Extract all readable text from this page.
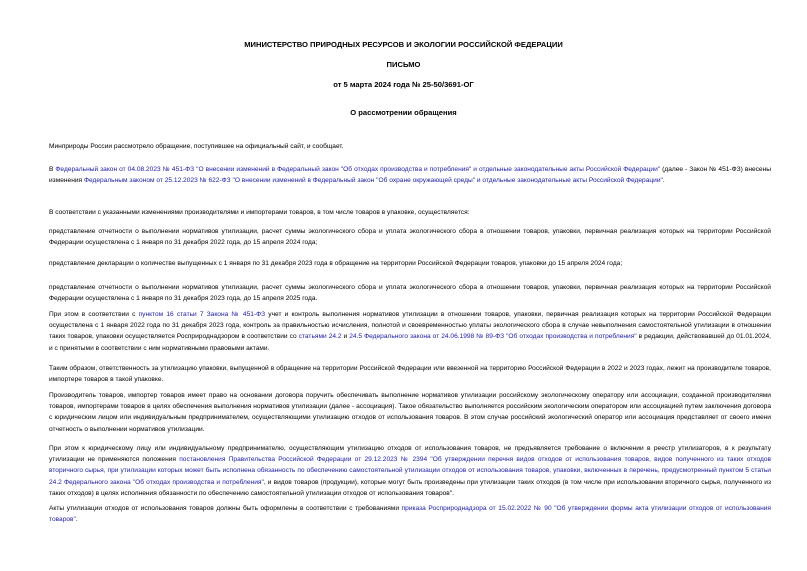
МИНИСТЕРСТВО ПРИРОДНЫХ РЕСУРСОВ И ЭКОЛОГИИ РОССИЙСКОЙ ФЕДЕРАЦИИ
ПИСЬМО
от 5 марта 2024 года № 25-50/3691-ОГ
О рассмотрении обращения

Минприроды России рассмотрело обращение, поступившее на официальный сайт, и сообщает.

В Федеральный закон от 04.08.2023 № 451-ФЗ "О внесении изменений в Федеральный закон "Об отходах производства и потребления" и отдельные законодательные акты Российской Федерации" (далее - Закон № 451-ФЗ) внесены изменения Федеральным законом от 25.12.2023 № 622-ФЗ "О внесении изменений в Федеральный закон "Об охране окружающей среды" и отдельные законодательные акты Российской Федерации".

В соответствии с указанными изменениями производителями и импортерами товаров, в том числе товаров в упаковке, осуществляется:

представление отчетности о выполнении нормативов утилизации, расчет суммы экологического сбора и уплата экологического сбора в отношении товаров, упаковки, первичная реализация которых на территории Российской Федерации осуществлена с 1 января по 31 декабря 2022 года, до 15 апреля 2024 года;

представление декларации о количестве выпущенных с 1 января по 31 декабря 2023 года в обращение на территории Российской Федерации товаров, упаковки до 15 апреля 2024 года;

представление отчетности о выполнении нормативов утилизации, расчет суммы экологического сбора и уплата экологического сбора в отношении товаров, упаковки, первичная реализация которых на территории Российской Федерации осуществлена с 1 января по 31 декабря 2023 года, до 15 апреля 2025 года.

При этом в соответствии с пунктом 16 статьи 7 Закона № 451-ФЗ учет и контроль выполнения нормативов утилизации в отношении товаров, упаковки, первичная реализация которых на территории Российской Федерации осуществлена с 1 января 2022 года по 31 декабря 2023 года, контроль за правильностью исчисления, полнотой и своевременностью уплаты экологического сбора в случае невыполнения самостоятельной утилизации в отношении таких товаров, упаковки осуществляется Росприроднадзором в соответствии со статьями 24.2 и 24.5 Федерального закона от 24.06.1998 № 89-ФЗ "Об отходах производства и потребления" в редакции, действовавшей до 01.01.2024, и с принятыми в соответствии с ним нормативными правовыми актами.

Таким образом, ответственность за утилизацию упаковки, выпущенной в обращение на территории Российской Федерации или ввезенной на территорию Российской Федерации в 2022 и 2023 годах, лежит на производителе товаров, импортере товаров в такой упаковке.

Производитель товаров, импортер товаров имеет право на основании договора поручить обеспечивать выполнение нормативов утилизации российскому экологическому оператору или ассоциации, созданной производителями товаров, импортерами товаров в целях обеспечения выполнения нормативов утилизации (далее - ассоциация). Такое обязательство выполняется российским экологическим оператором или ассоциацией путем заключения договора с юридическим лицом или индивидуальным предпринимателем, осуществляющими утилизацию отходов от использования товаров. В этом случае российский экологический оператор или ассоциация представляет от своего имени отчетность о выполнении нормативов утилизации.

При этом к юридическому лицу или индивидуальному предпринимателю, осуществляющим утилизацию отходов от использования товаров, не предъявляется требование о включении в реестр утилизаторов, в к результату утилизации не применяются положения постановления Правительства Российской Федерации от 29.12.2023 № 2394 "Об утверждении перечня видов отходов от использования товаров, видов полученного из таких отходов вторичного сырья, при утилизации которых может быть исполнена обязанность по обеспечению самостоятельной утилизации отходов от использования товаров, упаковки, включенных в перечень, предусмотренный пунктом 5 статьи 24.2 Федерального закона "Об отходах производства и потребления", и видов товаров (продукции), которые могут быть произведены при утилизации таких отходов (в том числе при использовании вторичного сырья, полученного из таких отходов) в целях исполнения обязанности по обеспечению самостоятельной утилизации отходов от использования товаров".

Акты утилизации отходов от использования товаров должны быть оформлены в соответствии с требованиями приказа Росприроднадзора от 15.02.2022 № 90 "Об утверждении формы акта утилизации отходов от использования товаров".
